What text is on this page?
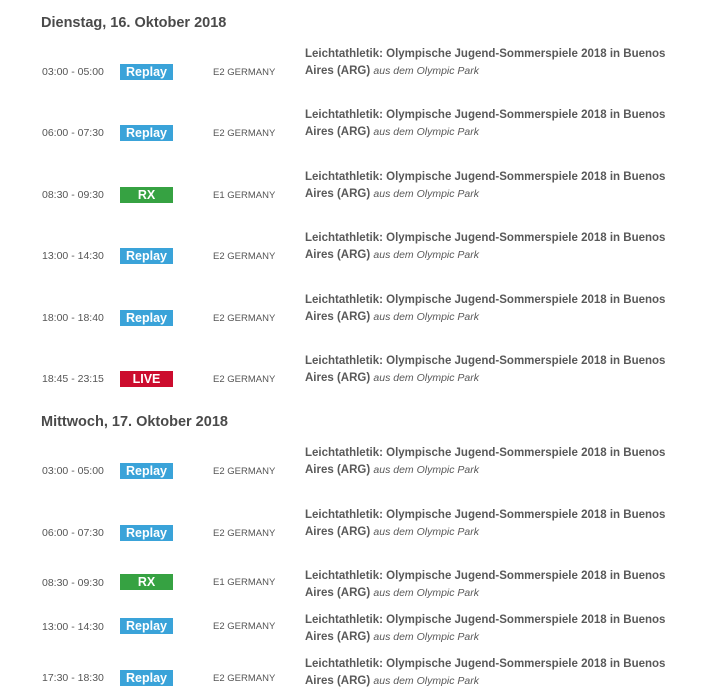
Dienstag, 16. Oktober 2018
03:00 - 05:00	Replay	E2 GERMANY
Leichtathletik: Olympische Jugend-Sommerspiele 2018 in Buenos
Aires (ARG) aus dem Olympic Park
06:00 - 07:30	Replay	E2 GERMANY
Leichtathletik: Olympische Jugend-Sommerspiele 2018 in Buenos
Aires (ARG) aus dem Olympic Park
08:30 - 09:30	RX	E1 GERMANY
Leichtathletik: Olympische Jugend-Sommerspiele 2018 in Buenos
Aires (ARG) aus dem Olympic Park
13:00 - 14:30	Replay	E2 GERMANY
Leichtathletik: Olympische Jugend-Sommerspiele 2018 in Buenos
Aires (ARG) aus dem Olympic Park
18:00 - 18:40	Replay	E2 GERMANY
Leichtathletik: Olympische Jugend-Sommerspiele 2018 in Buenos
Aires (ARG) aus dem Olympic Park
18:45 - 23:15	LIVE	E2 GERMANY
Leichtathletik: Olympische Jugend-Sommerspiele 2018 in Buenos
Aires (ARG) aus dem Olympic Park
Mittwoch, 17. Oktober 2018
03:00 - 05:00	Replay	E2 GERMANY
Leichtathletik: Olympische Jugend-Sommerspiele 2018 in Buenos
Aires (ARG) aus dem Olympic Park
06:00 - 07:30	Replay	E2 GERMANY
Leichtathletik: Olympische Jugend-Sommerspiele 2018 in Buenos
Aires (ARG) aus dem Olympic Park
08:30 - 09:30	RX	E1 GERMANY
Leichtathletik: Olympische Jugend-Sommerspiele 2018 in Buenos
Aires (ARG) aus dem Olympic Park
13:00 - 14:30	Replay	E2 GERMANY
Leichtathletik: Olympische Jugend-Sommerspiele 2018 in Buenos
Aires (ARG) aus dem Olympic Park
17:30 - 18:30	Replay	E2 GERMANY
Leichtathletik: Olympische Jugend-Sommerspiele 2018 in Buenos
Aires (ARG) aus dem Olympic Park
